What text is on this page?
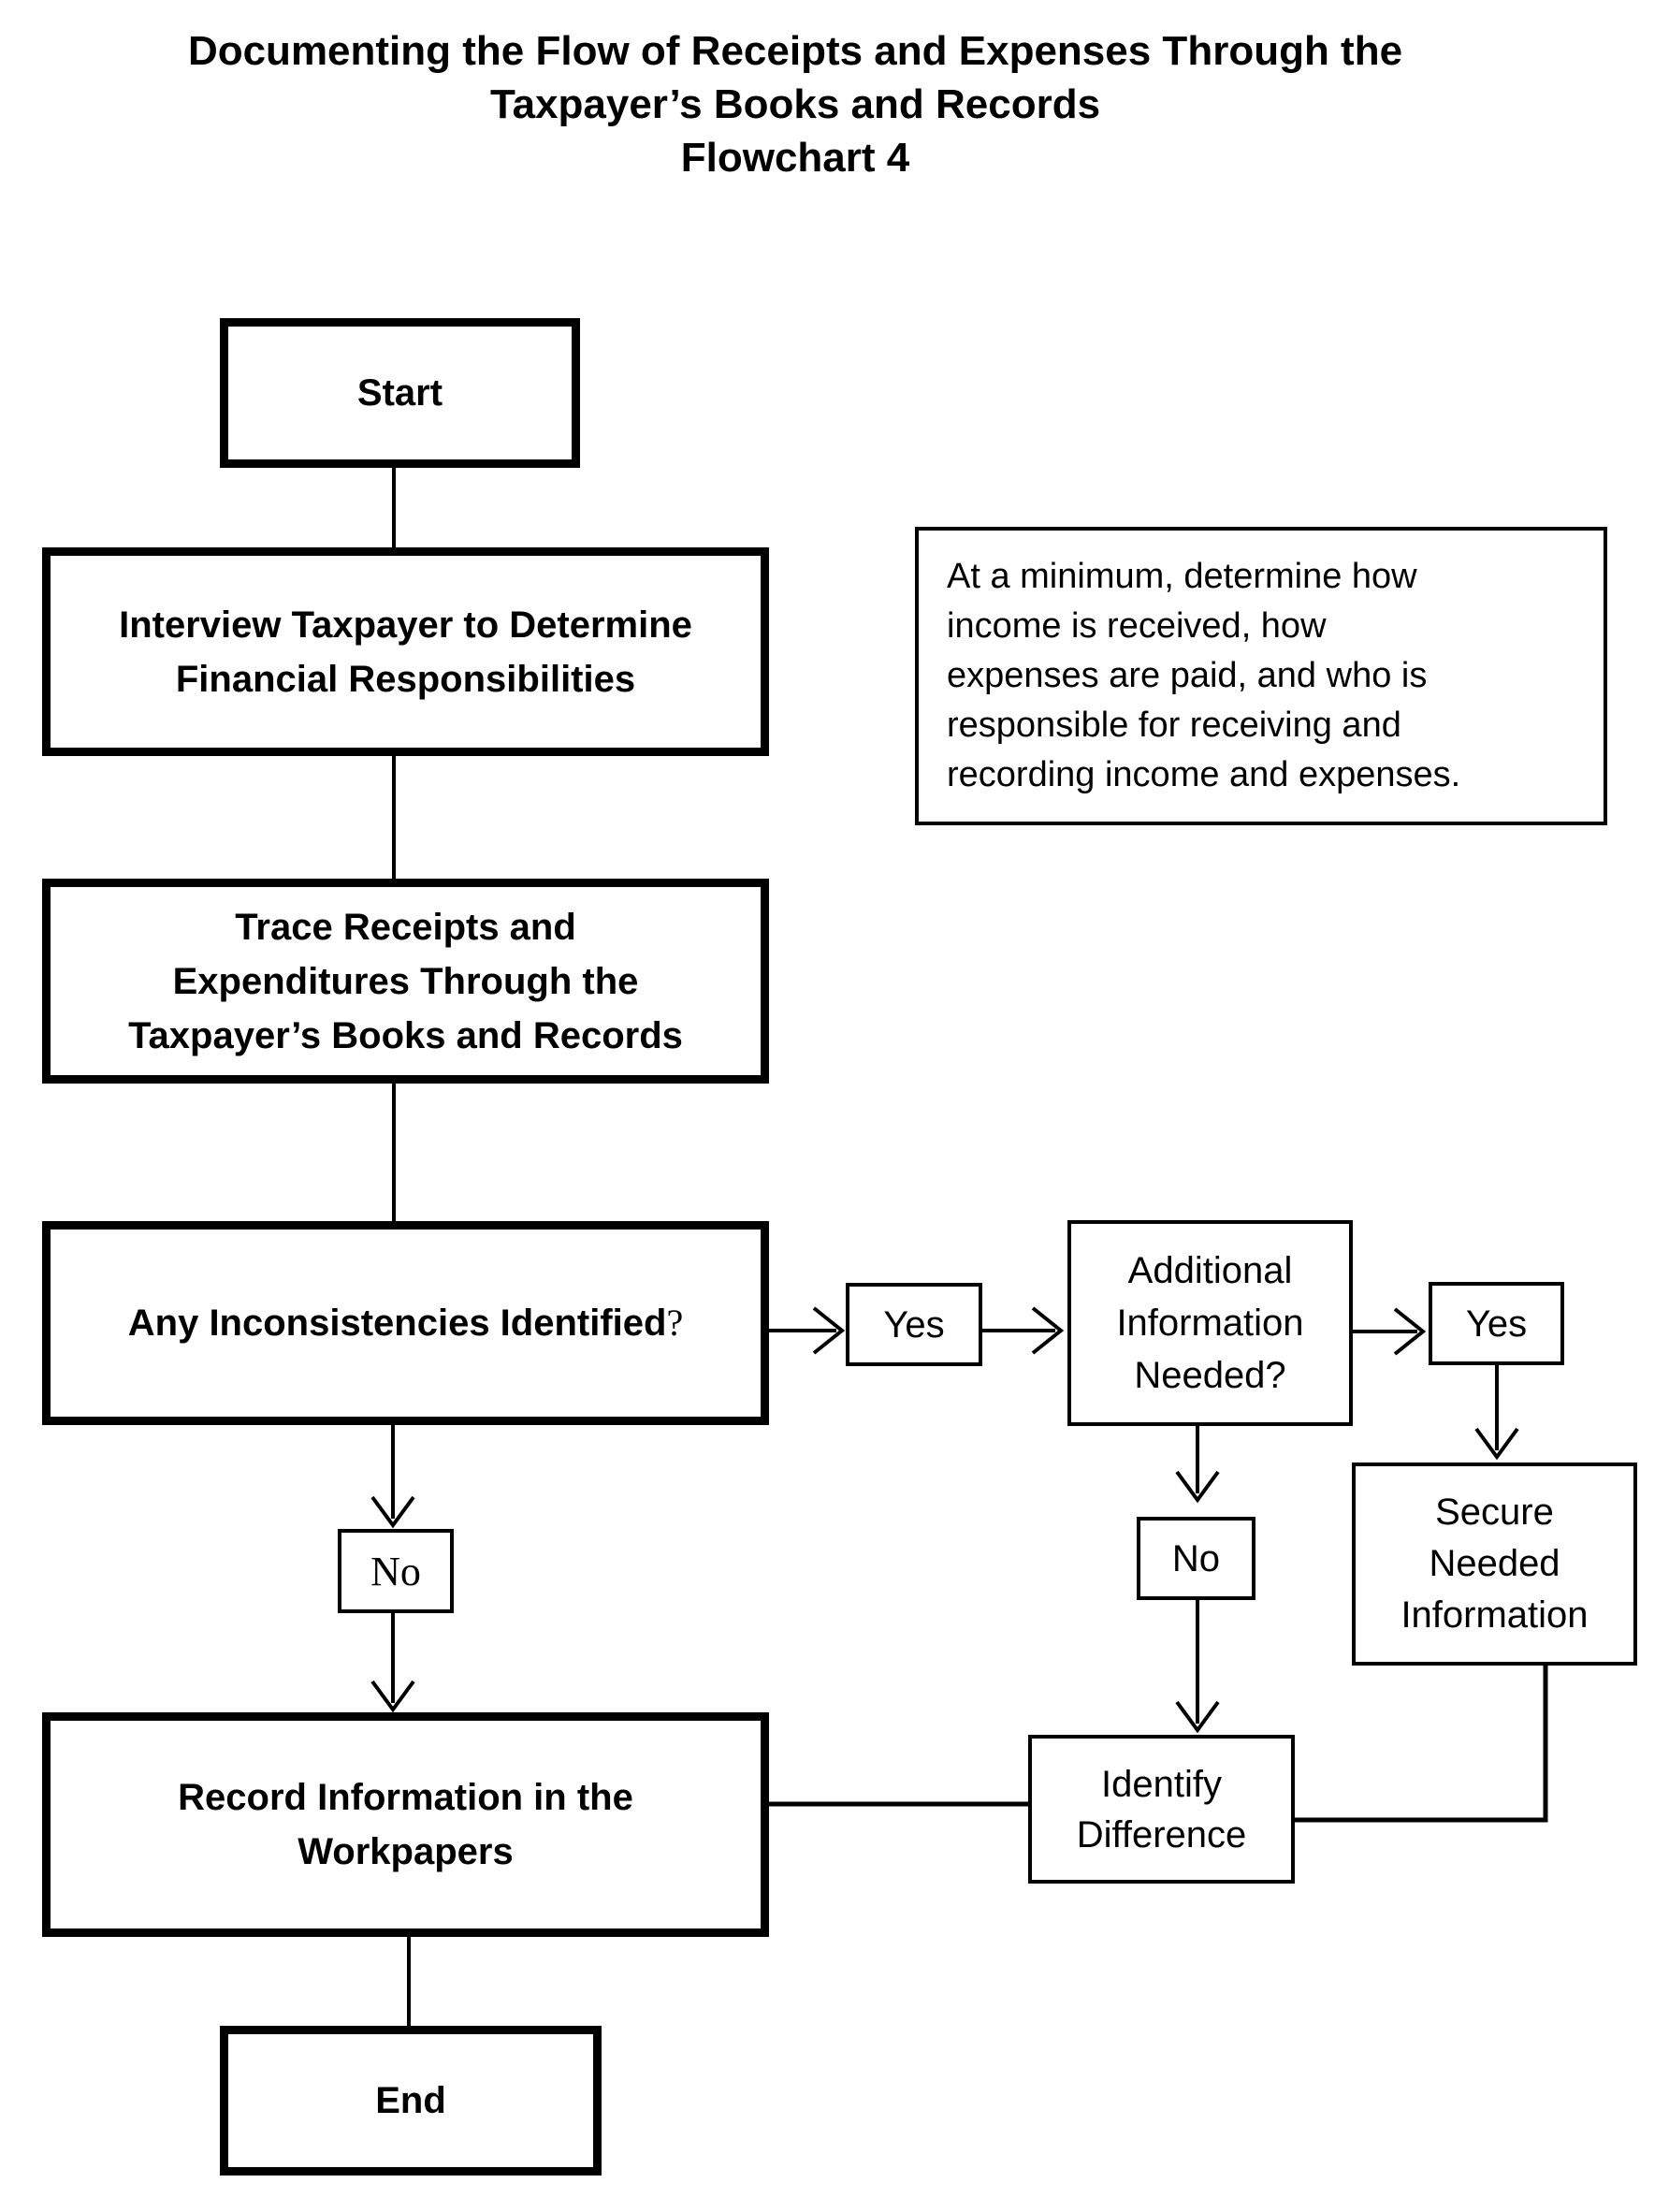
Documenting the Flow of Receipts and Expenses Through the
Taxpayer’s Books and Records
Flowchart 4
Start
Interview Taxpayer to Determine
Financial Responsibilities
At a minimum, determine how
income is received, how
expenses are paid, and who is
responsible for receiving and
recording income and expenses.
Trace Receipts and
Expenditures Through the
Taxpayer’s Books and Records
Any Inconsistencies Identified?	Yes
Additional
Information
Needed?
Yes
Secure
Needed
Information
No	No
Identify
Difference
Record Information in the
Workpapers
End
